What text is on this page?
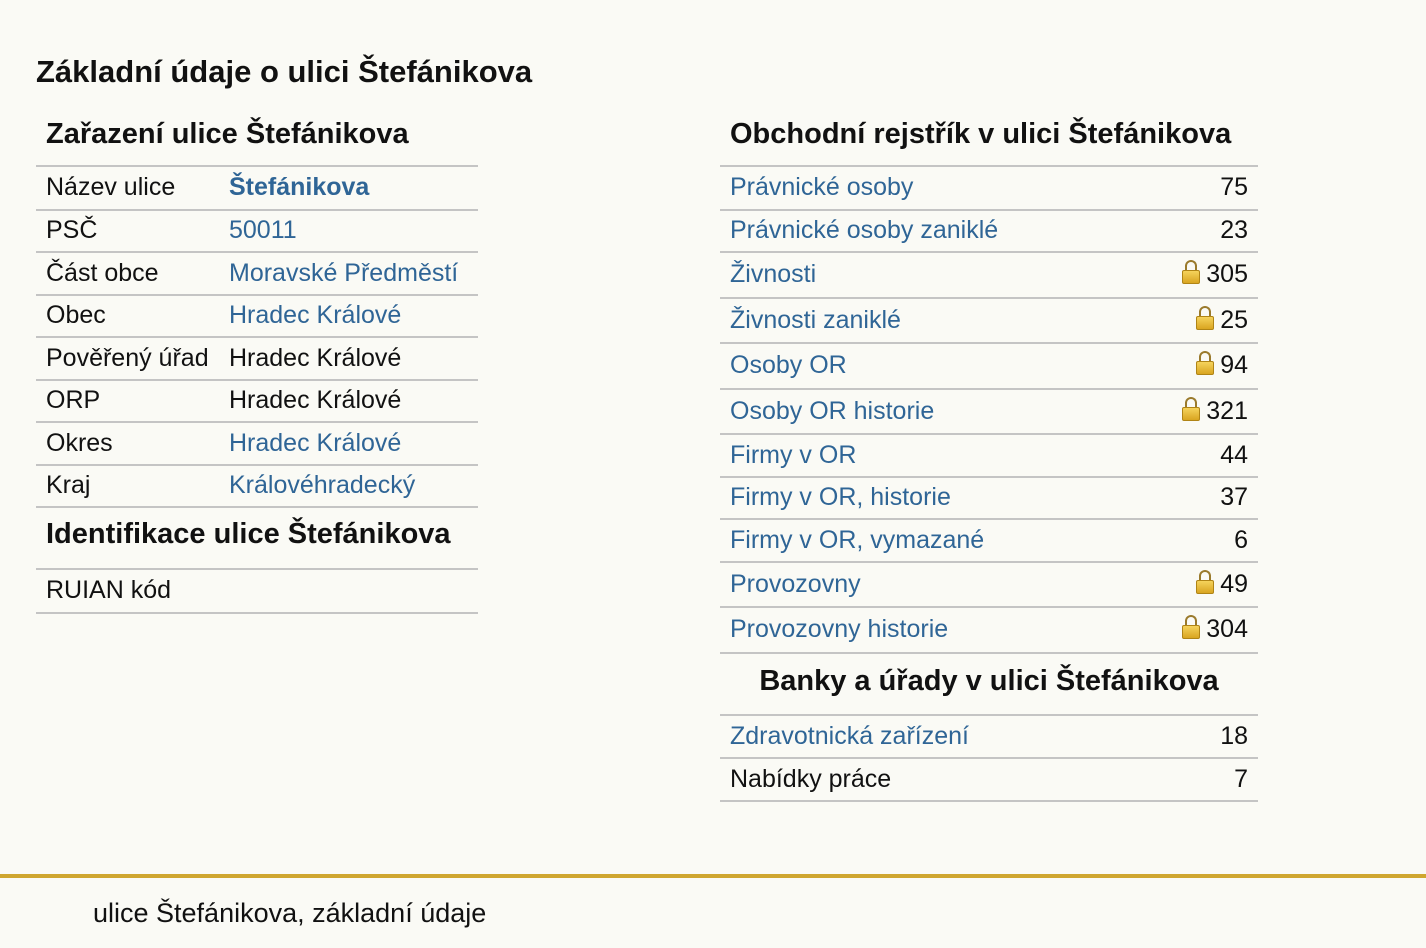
Základní údaje o ulici Štefánikova
Zařazení ulice Štefánikova
Název ulice	Štefánikova
PSČ	50011
Část obce	Moravské Předměstí
Obec	Hradec Králové
Pověřený úřad	Hradec Králové
ORP	Hradec Králové
Okres	Hradec Králové
Kraj	Královéhradecký
Identifikace ulice Štefánikova
RUIAN kód	
Obchodní rejstřík v ulici Štefánikova
Právnické osoby	75
Právnické osoby zaniklé	23
Živnosti	305
Živnosti zaniklé	25
Osoby OR	94
Osoby OR historie	321
Firmy v OR	44
Firmy v OR, historie	37
Firmy v OR, vymazané	6
Provozovny	49
Provozovny historie	304
Banky a úřady v ulici Štefánikova
Zdravotnická zařízení	18
Nabídky práce	7
ulice Štefánikova, základní údaje
